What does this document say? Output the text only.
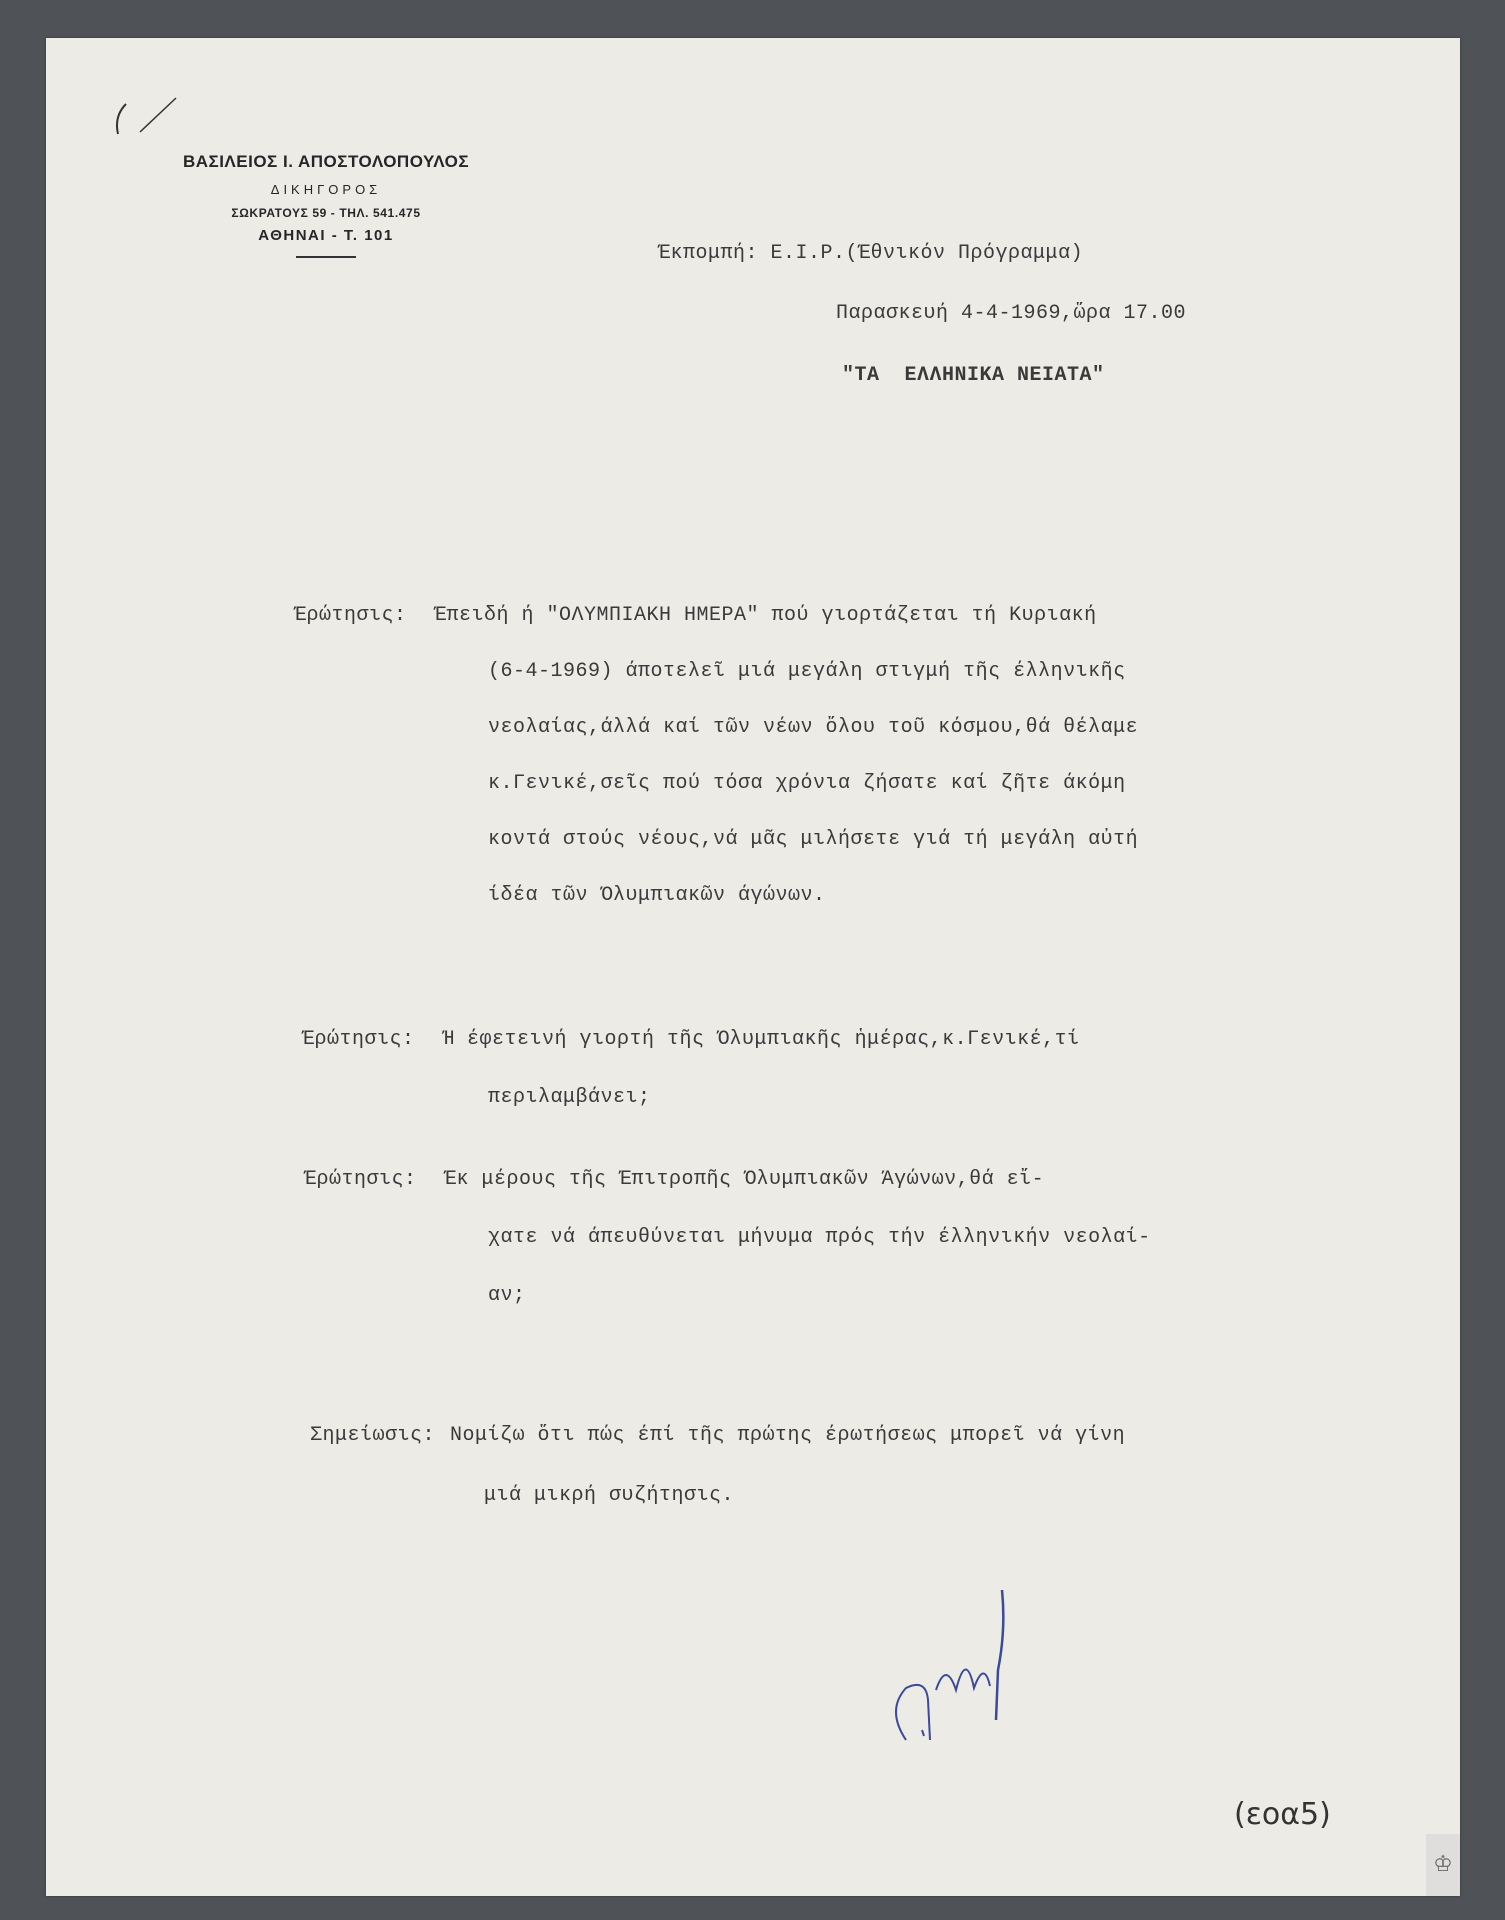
ΒΑΣΙΛΕΙΟΣ Ι. ΑΠΟΣΤΟΛΟΠΟΥΛΟΣ
ΔΙΚΗΓΟΡΟΣ
ΣΩΚΡΑΤΟΥΣ 59 - ΤΗΛ. 541.475
ΑΘΗΝΑΙ - Τ. 101
Έκπομπή: Ε.Ι.Ρ.(Έθνικόν Πρόγραμμα)
Παρασκευή 4-4-1969,ὥρα 17.00
"ΤΑ  ΕΛΛΗΝΙΚΑ ΝΕΙΑΤΑ"
Έρώτησις: Έπειδή ή "ΟΛΥΜΠΙΑΚΗ ΗΜΕΡΑ" πού γιορτάζεται τή Κυριακή
(6-4-1969) άποτελεῖ μιά μεγάλη στιγμή τῆς έλληνικῆς
νεολαίας,άλλά καί τῶν νέων ὅλου τοῦ κόσμου,θά θέλαμε
κ.Γενικέ,σεῖς πού τόσα χρόνια ζήσατε καί ζῆτε άκόμη
κοντά στούς νέους,νά μᾶς μιλήσετε γιά τή μεγάλη αὐτή
ίδέα τῶν Όλυμπιακῶν άγώνων.
Έρώτησις: Ή έφετεινή γιορτή τῆς Όλυμπιακῆς ἡμέρας,κ.Γενικέ,τί
περιλαμβάνει;
Έρώτησις: Έκ μέρους τῆς Έπιτροπῆς Όλυμπιακῶν Άγώνων,θά εἴ-
χατε νά άπευθύνεται μήνυμα πρός τήν έλληνικήν νεολαί-
αν;
Σημείωσις: Νομίζω ὅτι πώς έπί τῆς πρώτης έρωτήσεως μπορεῖ νά γίνη
μιά μικρή συζήτησις.
(εοα5)
♔
